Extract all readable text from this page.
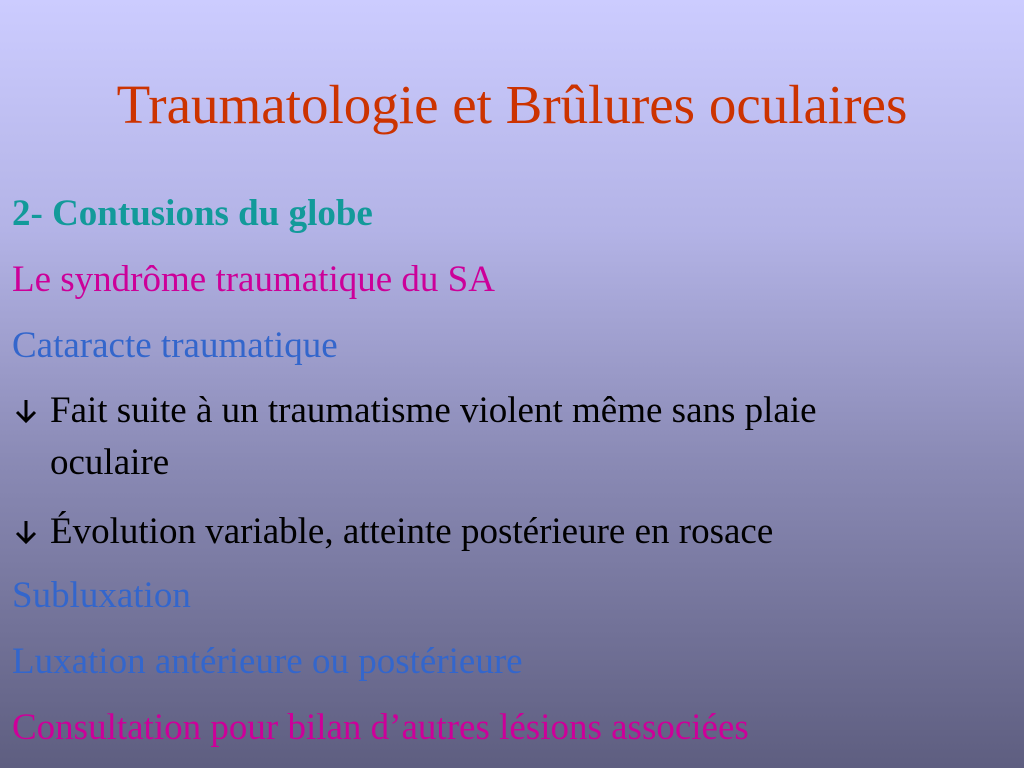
Traumatologie et Brûlures oculaires
2- Contusions du globe
Le syndrôme traumatique du SA
Cataracte traumatique
Fait suite à un traumatisme violent même sans plaie
oculaire
Évolution variable, atteinte postérieure en rosace
Subluxation
Luxation antérieure ou postérieure
Consultation pour bilan d’autres lésions associées
